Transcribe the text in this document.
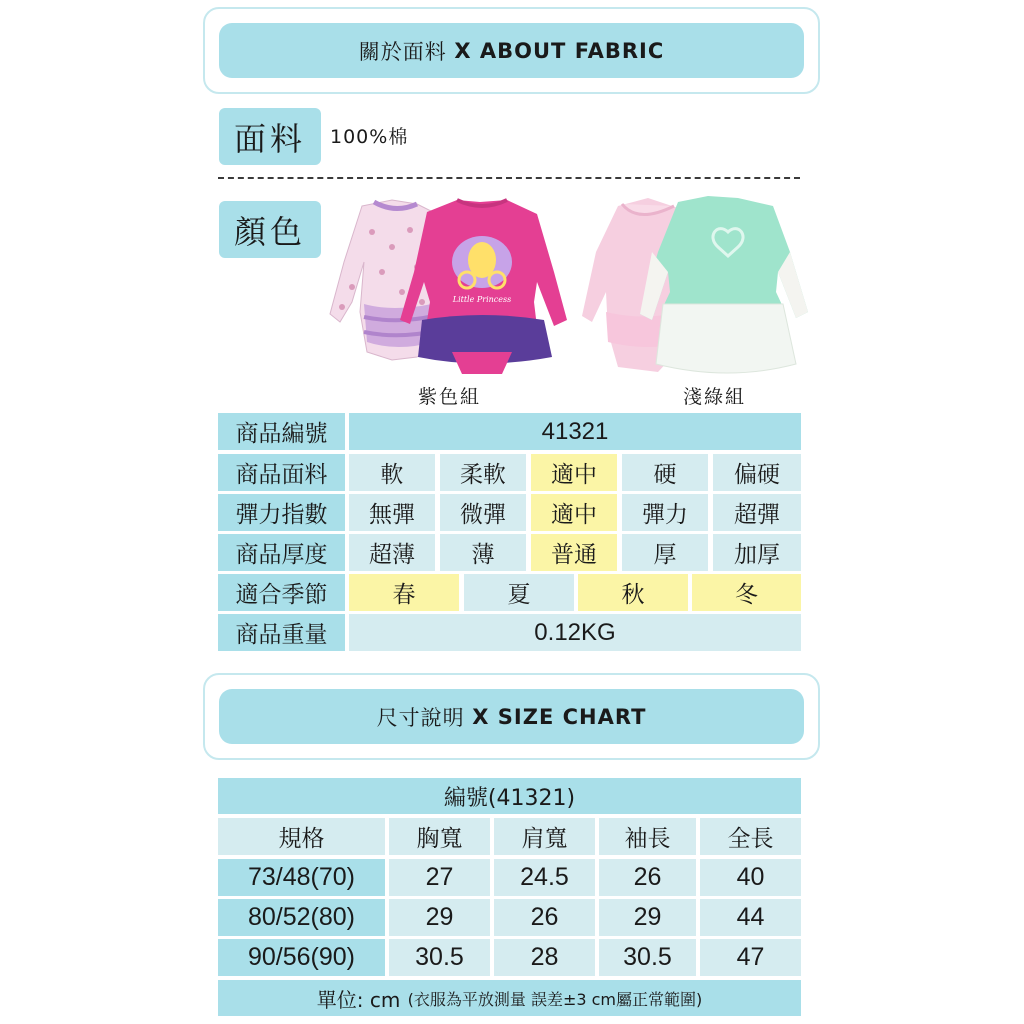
關於面料
X ABOUT FABRIC
面料	100%棉
顏色
Little Princess
紫色組	淺綠組
商品編號	41321
商品面料	軟	柔軟	適中	硬	偏硬
彈力指數	無彈	微彈	適中	彈力	超彈
商品厚度	超薄	薄	普通	厚	加厚
適合季節	春	夏	秋	冬
商品重量	0.12KG
尺寸說明
X SIZE CHART
編號(41321)
規格	胸寬	肩寬	袖長	全長
73/48(70)	27	24.5	26	40
80/52(80)	29	26	29	44
90/56(90)	30.5	28	30.5	47
單位: cm
(衣服為平放測量 誤差±3 cm屬正常範圍)
